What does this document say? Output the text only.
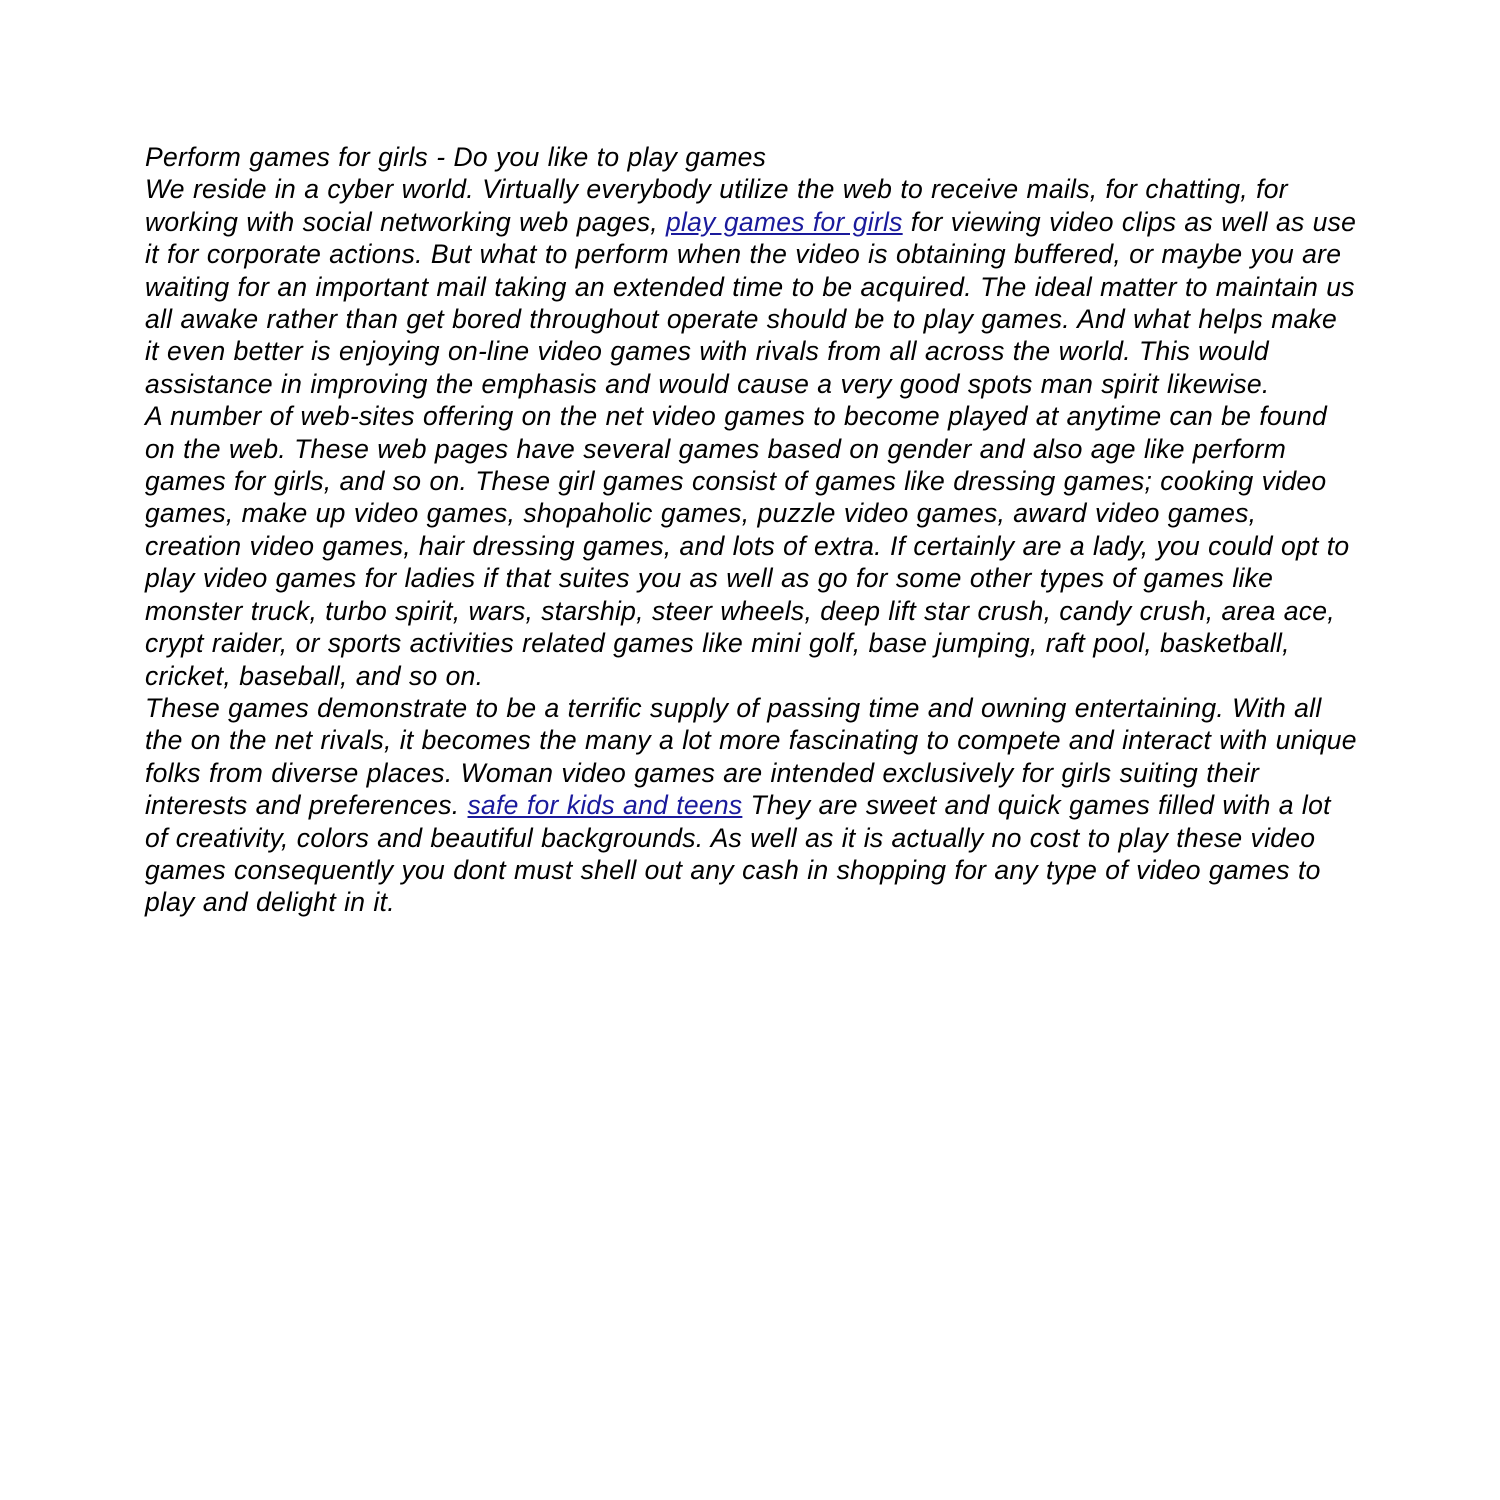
Perform games for girls - Do you like to play games

We reside in a cyber world. Virtually everybody utilize the web to receive mails, for chatting, for working with social networking web pages, play games for girls for viewing video clips as well as use it for corporate actions. But what to perform when the video is obtaining buffered, or maybe you are waiting for an important mail taking an extended time to be acquired. The ideal matter to maintain us all awake rather than get bored throughout operate should be to play games. And what helps make it even better is enjoying on-line video games with rivals from all across the world. This would assistance in improving the emphasis and would cause a very good spots man spirit likewise.

A number of web-sites offering on the net video games to become played at anytime can be found on the web. These web pages have several games based on gender and also age like perform games for girls, and so on. These girl games consist of games like dressing games; cooking video games, make up video games, shopaholic games, puzzle video games, award video games, creation video games, hair dressing games, and lots of extra. If certainly are a lady, you could opt to play video games for ladies if that suites you as well as go for some other types of games like monster truck, turbo spirit, wars, starship, steer wheels, deep lift star crush, candy crush, area ace, crypt raider, or sports activities related games like mini golf, base jumping, raft pool, basketball, cricket, baseball, and so on.

These games demonstrate to be a terrific supply of passing time and owning entertaining. With all the on the net rivals, it becomes the many a lot more fascinating to compete and interact with unique folks from diverse places. Woman video games are intended exclusively for girls suiting their interests and preferences. safe for kids and teens They are sweet and quick games filled with a lot of creativity, colors and beautiful backgrounds. As well as it is actually no cost to play these video games consequently you dont must shell out any cash in shopping for any type of video games to play and delight in it.
